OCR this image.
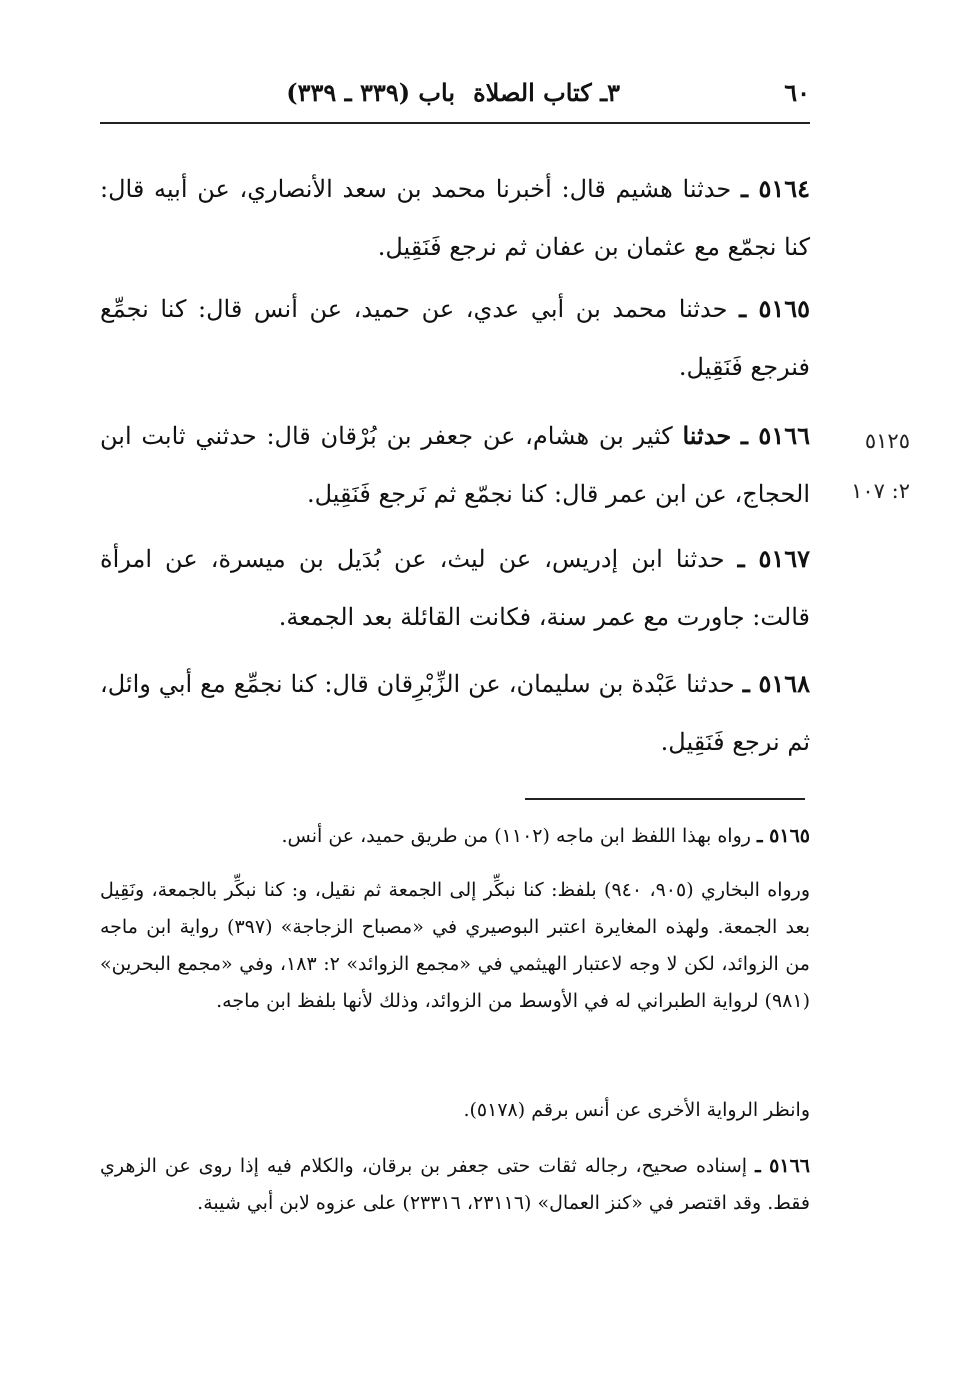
٦٠
٣ـ كتاب الصلاة
باب (٣٣٩ ـ ٣٣٩)

٥١٦٤ ـ حدثنا هشيم قال: أخبرنا محمد بن سعد الأنصاري، عن أبيه قال: كنا نجمّع مع عثمان بن عفان ثم نرجع فَنَقِيل.

٥١٦٥ ـ حدثنا محمد بن أبي عدي، عن حميد، عن أنس قال: كنا نجمِّع فنرجع فَنَقِيل.

٥١٦٦ ـ حدثنا كثير بن هشام، عن جعفر بن بُرْقان قال: حدثني ثابت ابن الحجاج، عن ابن عمر قال: كنا نجمّع ثم نَرجع فَنَقِيل.

٥١٢٥
٢: ١٠٧

٥١٦٧ ـ حدثنا ابن إدريس، عن ليث، عن بُدَيل بن ميسرة، عن امرأة قالت: جاورت مع عمر سنة، فكانت القائلة بعد الجمعة.

٥١٦٨ ـ حدثنا عَبْدة بن سليمان، عن الزِّبْرِقان قال: كنا نجمِّع مع أبي وائل، ثم نرجع فَنَقِيل.

٥١٦٥ ـ رواه بهذا اللفظ ابن ماجه (١١٠٢) من طريق حميد، عن أنس.

ورواه البخاري (٩٠٥، ٩٤٠) بلفظ: كنا نبكِّر إلى الجمعة ثم نقيل، و: كنا نبكِّر بالجمعة، ونَقِيل بعد الجمعة. ولهذه المغايرة اعتبر البوصيري في «مصباح الزجاجة» (٣٩٧) رواية ابن ماجه من الزوائد، لكن لا وجه لاعتبار الهيثمي في «مجمع الزوائد» ٢: ١٨٣، وفي «مجمع البحرين» (٩٨١) لرواية الطبراني له في الأوسط من الزوائد، وذلك لأنها بلفظ ابن ماجه.

وانظر الرواية الأخرى عن أنس برقم (٥١٧٨).

٥١٦٦ ـ إسناده صحيح، رجاله ثقات حتى جعفر بن برقان، والكلام فيه إذا روى عن الزهري فقط. وقد اقتصر في «كنز العمال» (٢٣١١٦، ٢٣٣١٦) على عزوه لابن أبي شيبة.
